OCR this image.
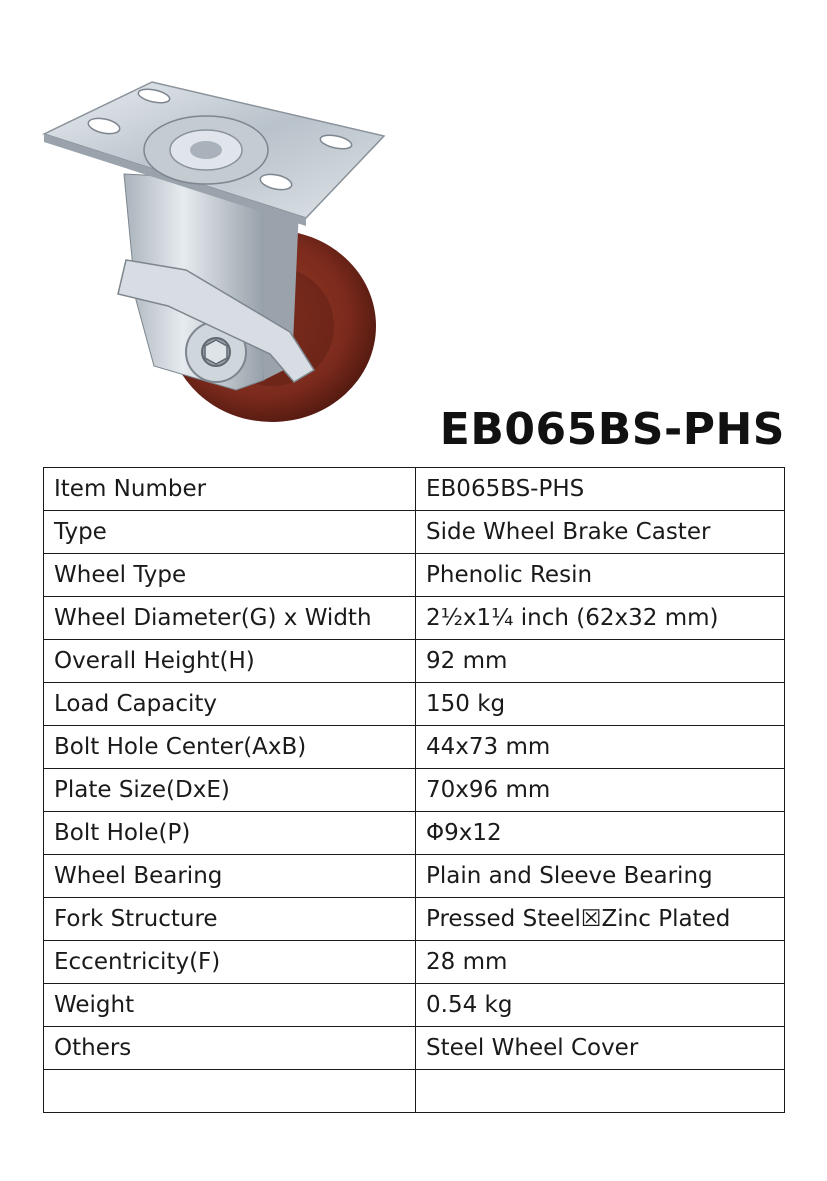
EB065BS-PHS
Item Number	EB065BS-PHS
Type	Side Wheel Brake Caster
Wheel Type	Phenolic Resin
Wheel Diameter(G) x Width	2½x1¼ inch (62x32 mm)
Overall Height(H)	92 mm
Load Capacity	150 kg
Bolt Hole Center(AxB)	44x73 mm
Plate Size(DxE)	70x96 mm
Bolt Hole(P)	Φ9x12
Wheel Bearing	Plain and Sleeve Bearing
Fork Structure	Pressed Steel☒Zinc Plated
Eccentricity(F)	28 mm
Weight	0.54 kg
Others	Steel Wheel Cover
